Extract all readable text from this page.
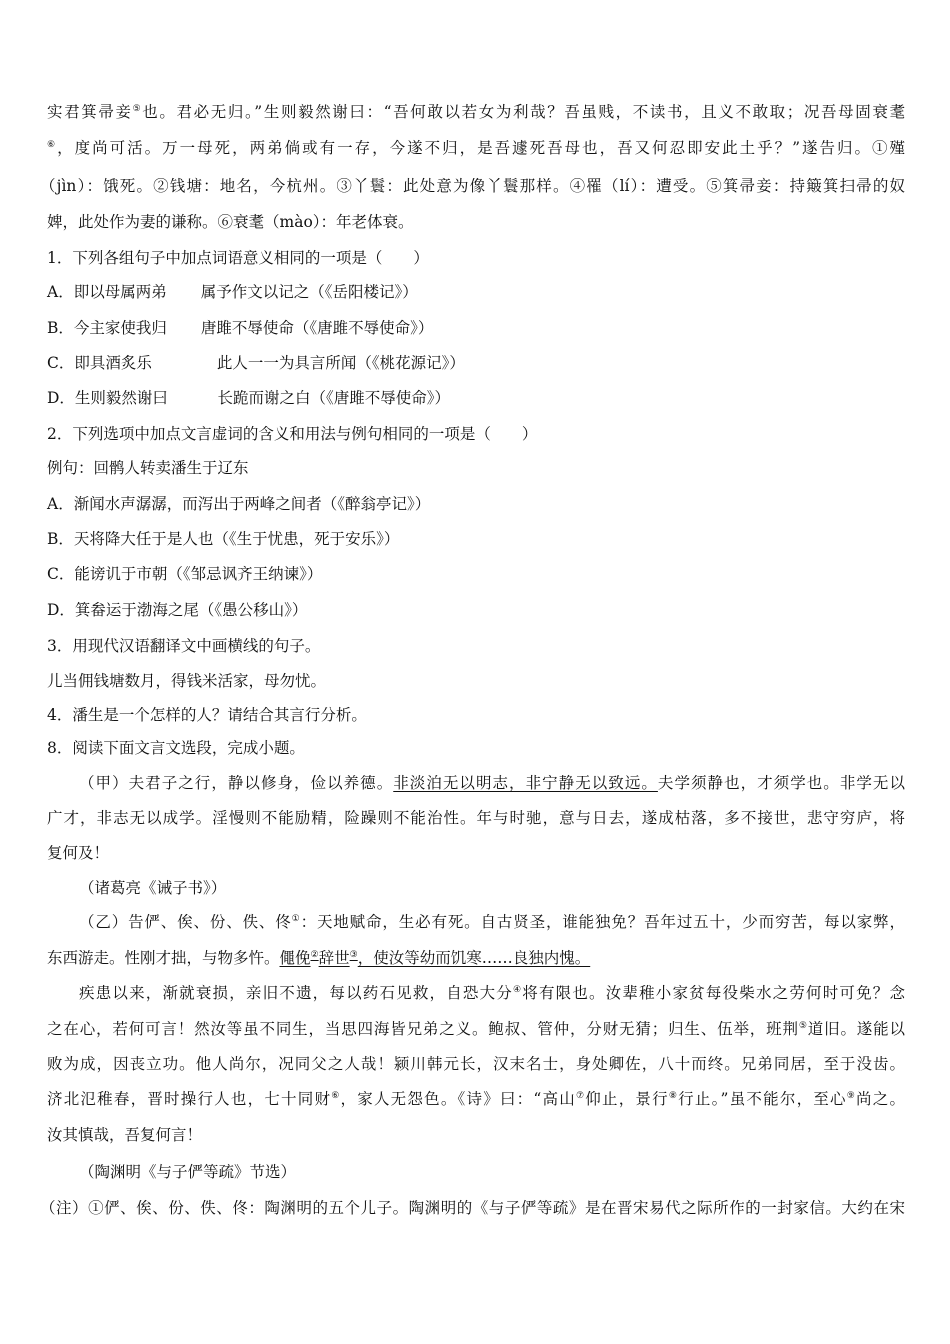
实君箕帚妾⑤也。君必无归。”生则毅然谢曰：“吾何敢以若女为利哉？吾虽贱，不读书，且义不敢取；况吾母固衰耄
⑥，度尚可活。万一母死，两弟倘或有一存，今遂不归，是吾遽死吾母也，吾又何忍即安此土乎？”遂告归。①殣
（jìn）：饿死。②钱塘：地名，今杭州。③丫鬟：此处意为像丫鬟那样。④罹（lí）：遭受。⑤箕帚妾：持簸箕扫帚的奴
婢，此处作为妻的谦称。⑥衰耄（mào）：年老体衰。
1．下列各组句子中加点词语意义相同的一项是（　　）
A．即以母属两弟 属予作文以记之（《岳阳楼记》）
B．今主家使我归 唐雎不辱使命（《唐雎不辱使命》）
C．即具酒炙乐　　此人一一为具言所闻（《桃花源记》）
D．生则毅然谢曰　长跪而谢之白（《唐雎不辱使命》）
2．下列选项中加点文言虚词的含义和用法与例句相同的一项是（　　）
例句：回鹘人转卖潘生于辽东
A．渐闻水声潺潺，而泻出于两峰之间者（《醉翁亭记》）
B．天将降大任于是人也（《生于忧患，死于安乐》）
C．能谤讥于市朝（《邹忌讽齐王纳谏》）
D．箕畚运于渤海之尾（《愚公移山》）
3．用现代汉语翻译文中画横线的句子。
儿当佣钱塘数月，得钱米活家，母勿忧。
4．潘生是一个怎样的人？请结合其言行分析。
8．阅读下面文言文选段，完成小题。
（甲）夫君子之行，静以修身，俭以养德。非淡泊无以明志，非宁静无以致远。夫学须静也，才须学也。非学无以
广才，非志无以成学。淫慢则不能励精，险躁则不能治性。年与时驰，意与日去，遂成枯落，多不接世，悲守穷庐，将
复何及！
（诸葛亮《诫子书》）
（乙）告俨、俟、份、佚、佟①：天地赋命，生必有死。自古贤圣，谁能独免？吾年过五十，少而穷苦，每以家弊，
东西游走。性刚才拙，与物多忤。僶俛②辞世③，使汝等幼而饥寒……良独内愧。
疾患以来，渐就衰损，亲旧不遗，每以药石见救，自恐大分④将有限也。汝辈稚小家贫每役柴水之劳何时可免？念
之在心，若何可言！然汝等虽不同生，当思四海皆兄弟之义。鲍叔、管仲，分财无猜；归生、伍举，班荆⑤道旧。遂能以
败为成，因丧立功。他人尚尔，况同父之人哉！颍川韩元长，汉末名士，身处卿佐，八十而终。兄弟同居，至于没齿。
济北氾稚春，晋时操行人也，七十同财⑥，家人无怨色。《诗》曰：“高山⑦仰止，景行⑧行止。”虽不能尔，至心⑨尚之。
汝其慎哉，吾复何言！
（陶渊明《与子俨等疏》节选）
（注）①俨、俟、份、佚、佟：陶渊明的五个儿子。陶渊明的《与子俨等疏》是在晋宋易代之际所作的一封家信。大约在宋
